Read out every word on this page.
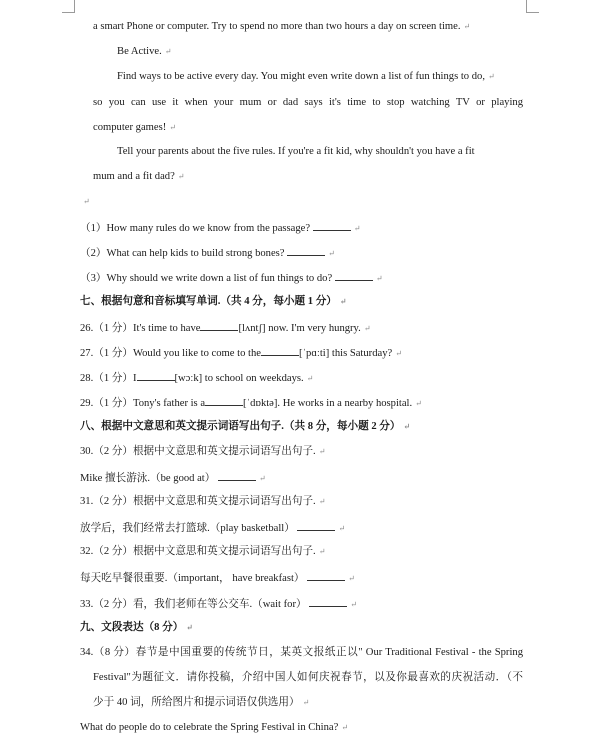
a smart Phone or computer. Try to spend no more than two hours a day on screen time. ↵
Be Active. ↵
Find ways to be active every day. You might even write down a list of fun things to do, ↵
so you can use it when your mum or dad says it's time to stop watching TV or playing
computer games! ↵
Tell your parents about the five rules. If you're a fit kid, why shouldn't you have a fit
mum and a fit dad? ↵
↵
（1）How many rules do we know from the passage?	↵
（2）What can help kids to build strong bones?	↵
（3）Why should we write down a list of fun things to do?	↵
七、根据句意和音标填写单词.（共 4 分，每小题 1 分） ↵
26.（1 分）It's time to have	[lʌntʃ] now. I'm very hungry. ↵
27.（1 分）Would you like to come to the	[ˈpɑːti] this Saturday? ↵
28.（1 分）I	[wɔːk] to school on weekdays. ↵
29.（1 分）Tony's father is a	[ˈdɒktə]. He works in a nearby hospital. ↵
八、根据中文意思和英文提示词语写出句子.（共 8 分，每小题 2 分） ↵
30.（2 分）根据中文意思和英文提示词语写出句子. ↵
Mike 擅长游泳.（be good at）	↵
31.（2 分）根据中文意思和英文提示词语写出句子. ↵
放学后，我们经常去打篮球.（play basketball）	↵
32.（2 分）根据中文意思和英文提示词语写出句子. ↵
每天吃早餐很重要.（important， have breakfast）	↵
33.（2 分）看，我们老师在等公交车.（wait for）	↵
九、文段表达（8 分） ↵
34.（8 分）春节是中国重要的传统节日，某英文报纸正以" Our Traditional Festival - the Spring
Festival"为题征文．请你投稿，介绍中国人如何庆祝春节，以及你最喜欢的庆祝活动．（不
少于 40 词，所给图片和提示词语仅供选用） ↵
What do people do to celebrate the Spring Festival in China? ↵
